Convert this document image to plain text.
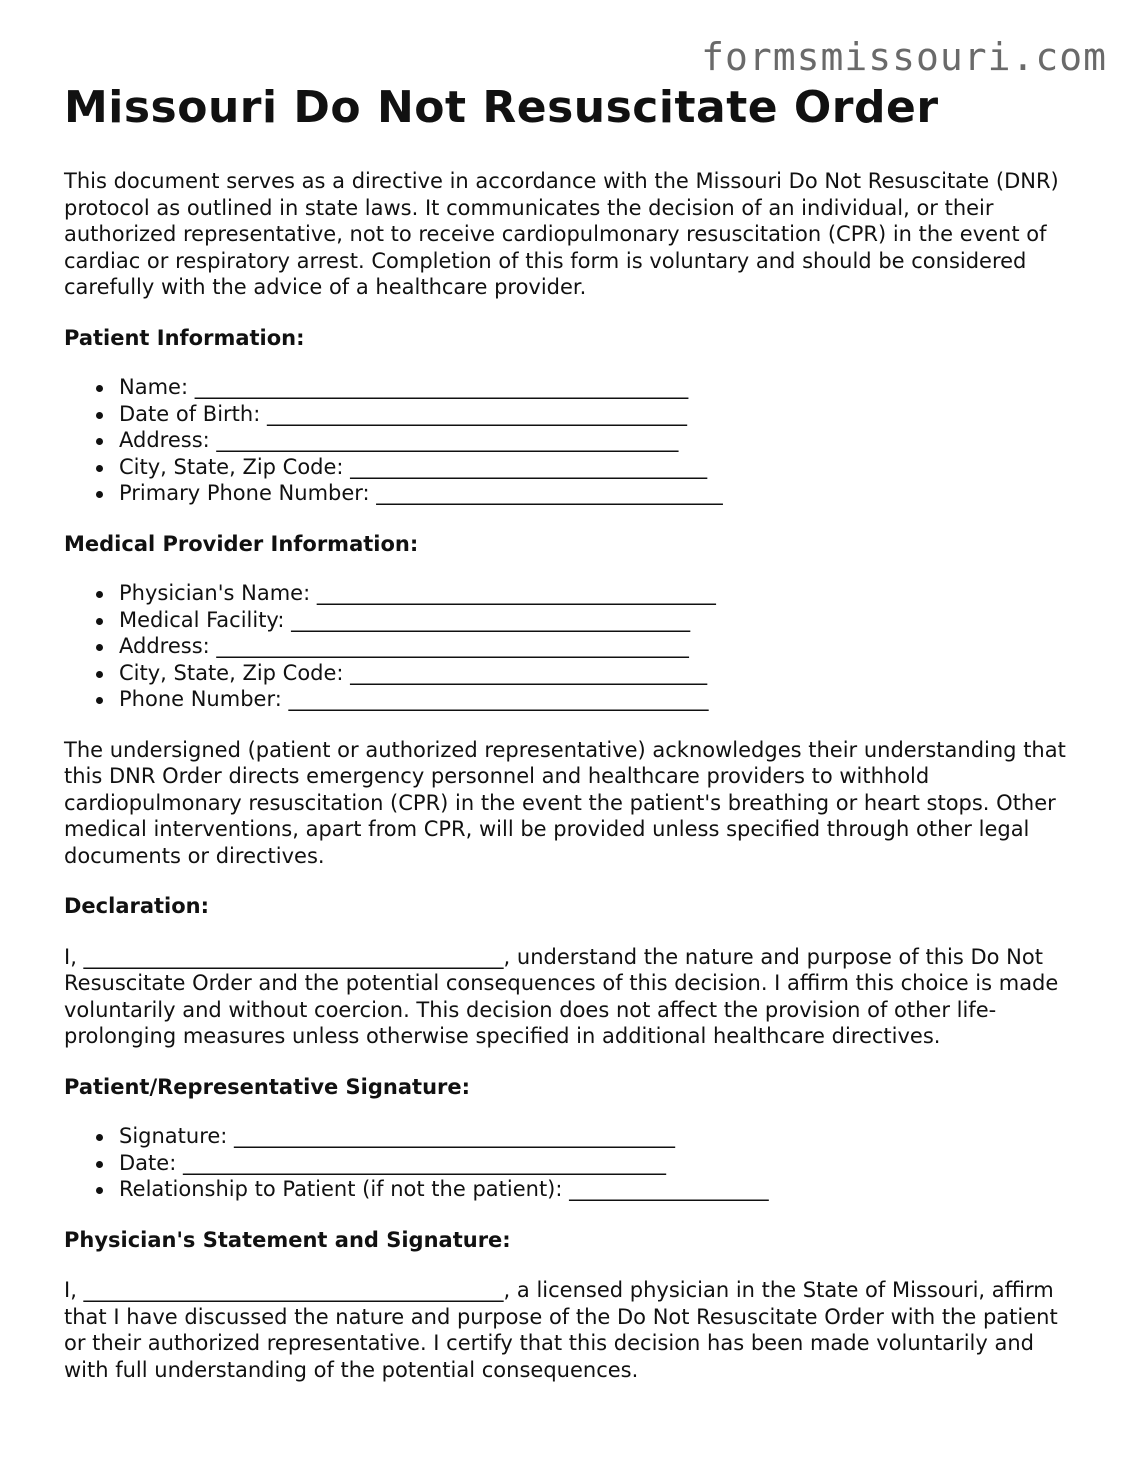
formsmissouri.com
Missouri Do Not Resuscitate Order

This document serves as a directive in accordance with the Missouri Do Not Resuscitate (DNR) protocol as outlined in state laws. It communicates the decision of an individual, or their authorized representative, not to receive cardiopulmonary resuscitation (CPR) in the event of cardiac or respiratory arrest. Completion of this form is voluntary and should be considered carefully with the advice of a healthcare provider.

Patient Information:
Name: _______________________________________________
Date of Birth: ________________________________________
Address: ____________________________________________
City, State, Zip Code: __________________________________
Primary Phone Number: _________________________________
Medical Provider Information:
Physician's Name: ______________________________________
Medical Facility: ______________________________________
Address: _____________________________________________
City, State, Zip Code: __________________________________
Phone Number: ________________________________________

The undersigned (patient or authorized representative) acknowledges their understanding that this DNR Order directs emergency personnel and healthcare providers to withhold cardiopulmonary resuscitation (CPR) in the event the patient's breathing or heart stops. Other medical interventions, apart from CPR, will be provided unless specified through other legal documents or directives.

Declaration:

I, ________________________________________, understand the nature and purpose of this Do Not Resuscitate Order and the potential consequences of this decision. I affirm this choice is made voluntarily and without coercion. This decision does not affect the provision of other life-prolonging measures unless otherwise specified in additional healthcare directives.

Patient/Representative Signature:
Signature: __________________________________________
Date: ______________________________________________
Relationship to Patient (if not the patient): ___________________
Physician's Statement and Signature:

I, ________________________________________, a licensed physician in the State of Missouri, affirm that I have discussed the nature and purpose of the Do Not Resuscitate Order with the patient or their authorized representative. I certify that this decision has been made voluntarily and with full understanding of the potential consequences.
